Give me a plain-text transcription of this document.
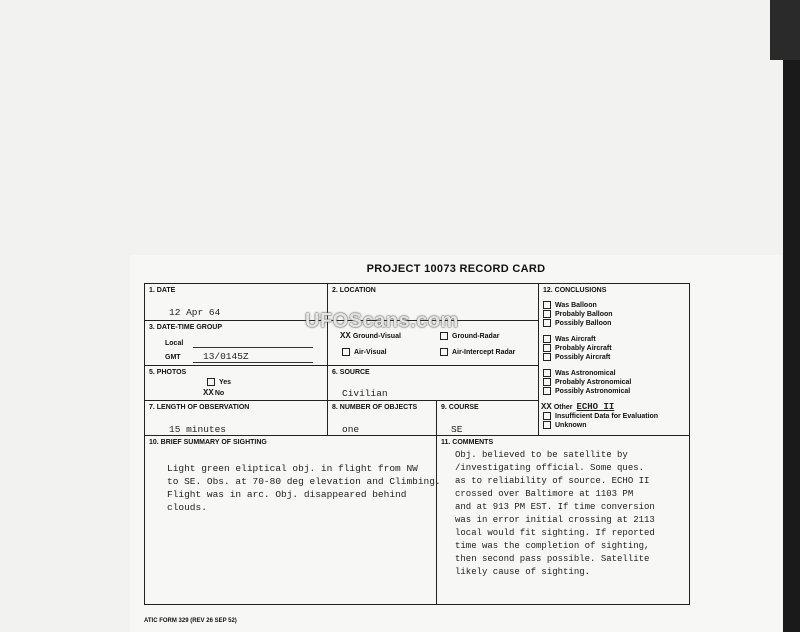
PROJECT 10073 RECORD CARD
1. DATE
12 Apr 64
2. LOCATION
3. DATE-TIME GROUP
Local
GMT 13/0145Z
XX Ground-Visual	Ground-Radar
Air-Visual	Air-Intercept Radar
5. PHOTOS
Yes
XXNo
6. SOURCE
Civilian
7. LENGTH OF OBSERVATION
15 minutes
8. NUMBER OF OBJECTS
one
9. COURSE
SE
12. CONCLUSIONS
Was Balloon
Probably Balloon
Possibly Balloon
Was Aircraft
Probably Aircraft
Possibly Aircraft
Was Astronomical
Probably Astronomical
Possibly Astronomical
XX Other ECHO II
Insufficient Data for Evaluation
Unknown
10. BRIEF SUMMARY OF SIGHTING
Light green eliptical obj. in flight from NW
to SE. Obs. at 70-80 deg elevation and Climbing.
Flight was in arc. Obj. disappeared behind
clouds.
11. COMMENTS
Obj. believed to be satellite by
/investigating official. Some ques.
as to reliability of source. ECHO II
crossed over Baltimore at 1103 PM
and at 913 PM EST. If time conversion
was in error initial crossing at 2113
local would fit sighting. If reported
time was the completion of sighting,
then second pass possible. Satellite
likely cause of sighting.
ATIC FORM 329 (REV 26 SEP 52)
UFOScans.com
